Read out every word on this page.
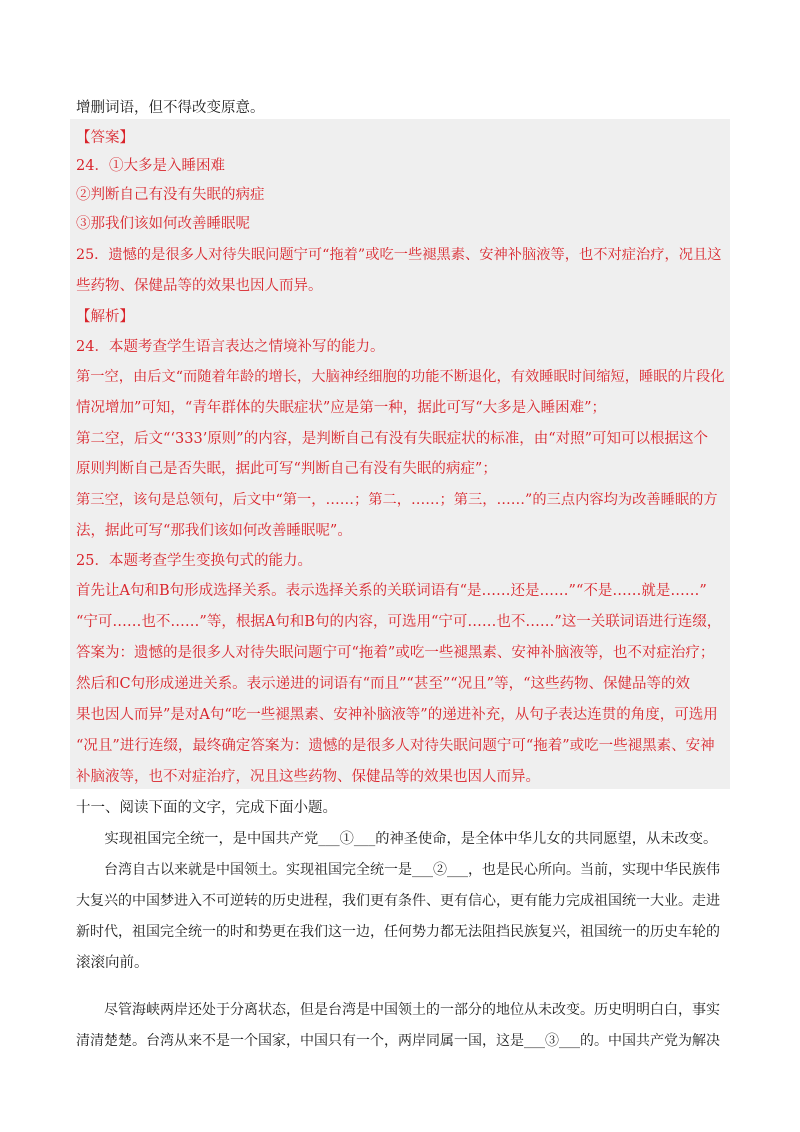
增删词语，但不得改变原意。
【答案】
24．①大多是入睡困难
②判断自己有没有失眠的病症
③那我们该如何改善睡眠呢
25．遗憾的是很多人对待失眠问题宁可“拖着”或吃一些褪黑素、安神补脑液等，也不对症治疗，况且这
些药物、保健品等的效果也因人而异。
【解析】
24．本题考查学生语言表达之情境补写的能力。
第一空，由后文“而随着年龄的增长，大脑神经细胞的功能不断退化，有效睡眠时间缩短，睡眠的片段化
情况增加”可知，“青年群体的失眠症状”应是第一种，据此可写“大多是入睡困难”；
第二空，后文“‘333’原则”的内容，是判断自己有没有失眠症状的标准，由“对照”可知可以根据这个
原则判断自己是否失眠，据此可写“判断自己有没有失眠的病症”；
第三空，该句是总领句，后文中“第一，……；第二，……；第三，……”的三点内容均为改善睡眠的方
法，据此可写“那我们该如何改善睡眠呢”。
25．本题考查学生变换句式的能力。
首先让A句和B句形成选择关系。表示选择关系的关联词语有“是……还是……”“不是……就是……”
“宁可……也不……”等，根据A句和B句的内容，可选用“宁可……也不……”这一关联词语进行连缀，
答案为：遗憾的是很多人对待失眠问题宁可“拖着”或吃一些褪黑素、安神补脑液等，也不对症治疗；
然后和C句形成递进关系。表示递进的词语有“而且”“甚至”“况且”等，“这些药物、保健品等的效
果也因人而异”是对A句“吃一些褪黑素、安神补脑液等”的递进补充，从句子表达连贯的角度，可选用
“况且”进行连缀，最终确定答案为：遗憾的是很多人对待失眠问题宁可“拖着”或吃一些褪黑素、安神
补脑液等，也不对症治疗，况且这些药物、保健品等的效果也因人而异。
十一、阅读下面的文字，完成下面小题。
　　实现祖国完全统一，是中国共产党___①___的神圣使命，是全体中华儿女的共同愿望，从未改变。
　　台湾自古以来就是中国领土。实现祖国完全统一是___②___，也是民心所向。当前，实现中华民族伟
大复兴的中国梦进入不可逆转的历史进程，我们更有条件、更有信心，更有能力完成祖国统一大业。走进
新时代，祖国完全统一的时和势更在我们这一边，任何势力都无法阻挡民族复兴，祖国统一的历史车轮的
滚滚向前。
　　尽管海峡两岸还处于分离状态，但是台湾是中国领土的一部分的地位从未改变。历史明明白白，事实
清清楚楚。台湾从来不是一个国家，中国只有一个，两岸同属一国，这是___③___的。中国共产党为解决
